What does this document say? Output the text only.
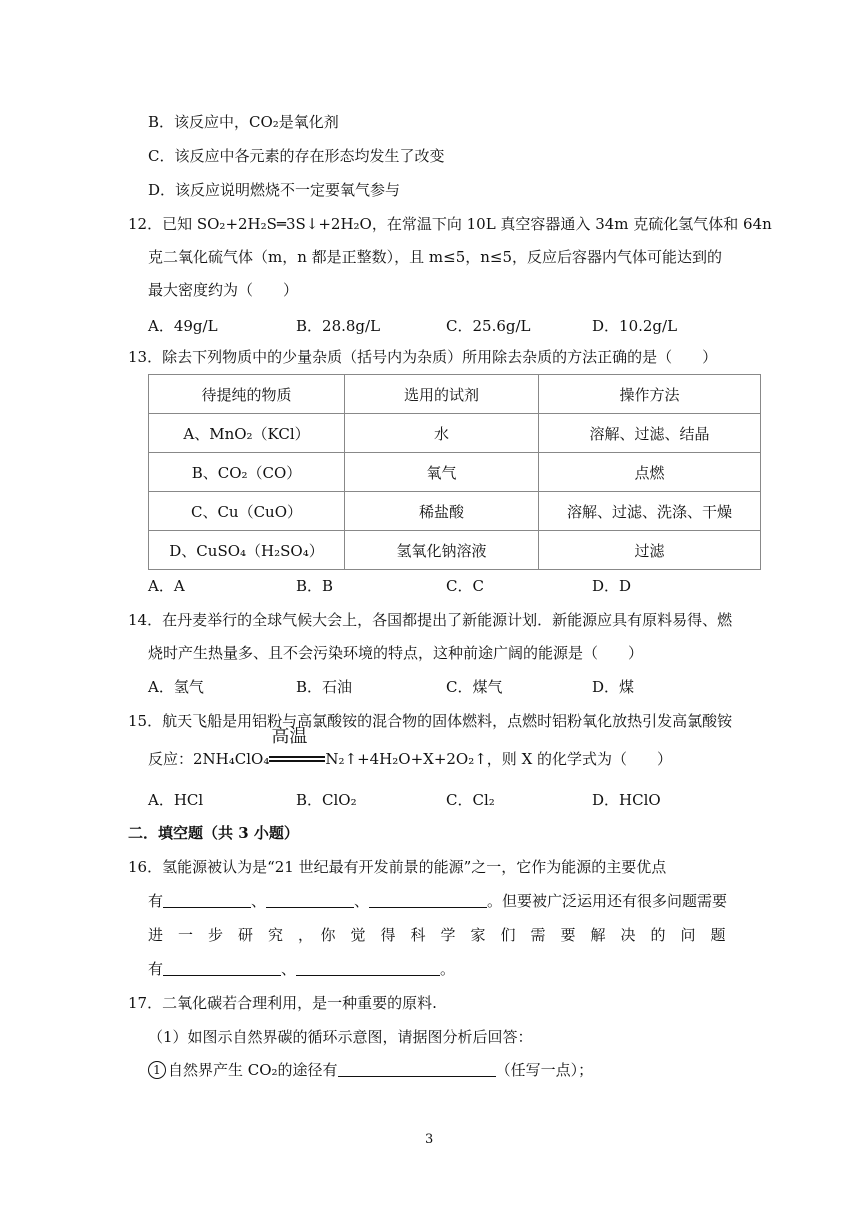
B．该反应中，CO₂是氧化剂
C．该反应中各元素的存在形态均发生了改变
D．该反应说明燃烧不一定要氧气参与
12．已知 SO₂+2H₂S═3S↓+2H₂O，在常温下向 10L 真空容器通入 34m 克硫化氢气体和 64n
克二氧化硫气体（m，n 都是正整数），且 m≤5，n≤5，反应后容器内气体可能达到的
最大密度约为（　　）
A．49g/L	B．28.8g/L	C．25.6g/L	D．10.2g/L
13．除去下列物质中的少量杂质（括号内为杂质）所用除去杂质的方法正确的是（　　）
待提纯的物质	选用的试剂	操作方法
A、MnO₂（KCl）	水	溶解、过滤、结晶
B、CO₂（CO）	氧气	点燃
C、Cu（CuO）	稀盐酸	溶解、过滤、洗涤、干燥
D、CuSO₄（H₂SO₄）	氢氧化钠溶液	过滤
A．A	B．B	C．C	D．D
14．在丹麦举行的全球气候大会上，各国都提出了新能源计划．新能源应具有原料易得、燃
烧时产生热量多、且不会污染环境的特点，这种前途广阔的能源是（　　）
A．氢气	B．石油	C．煤气	D．煤
15．航天飞船是用铝粉与高氯酸铵的混合物的固体燃料，点燃时铝粉氧化放热引发高氯酸铵
反应：2NH₄ClO₄
高温
N₂↑+4H₂O+X+2O₂↑，则 X 的化学式为（　　）
A．HCl	B．ClO₂	C．Cl₂	D．HClO
二．填空题（共 3 小题）
16．氢能源被认为是“21 世纪最有开发前景的能源”之一，它作为能源的主要优点
有	、	、	。但要被广泛运用还有很多问题需要
进　一　步　研　究　，　你　觉　得　科　学　家　们　需　要　解　决　的　问　题
有	、	。
17．二氧化碳若合理利用，是一种重要的原料.
（1）如图示自然界碳的循环示意图，请据图分析后回答：
1 自然界产生 CO₂的途径有	（任写一点）；
3
